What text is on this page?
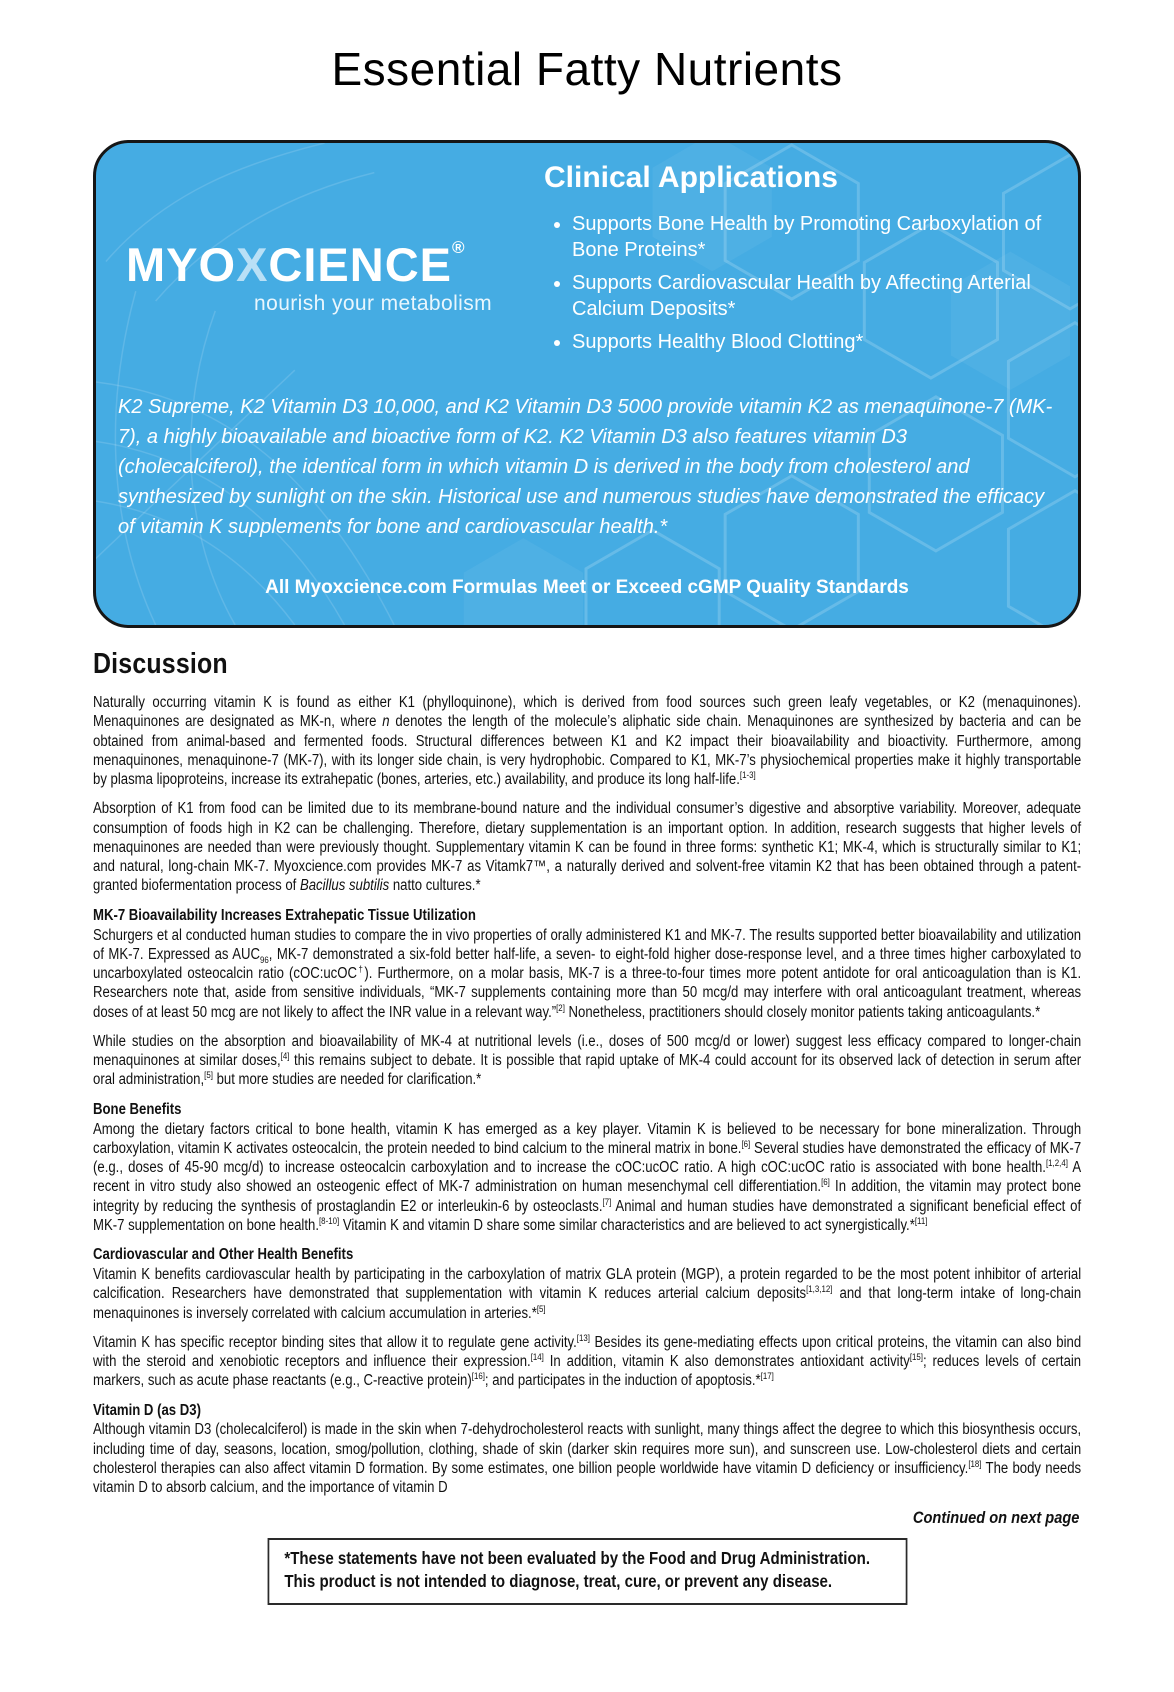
Essential Fatty Nutrients
MYOXCIENCE®
nourish your metabolism
Clinical Applications
• Supports Bone Health by Promoting Carboxylation of Bone Proteins*
• Supports Cardiovascular Health by Affecting Arterial Calcium Deposits*
• Supports Healthy Blood Clotting*

K2 Supreme, K2 Vitamin D3 10,000, and K2 Vitamin D3 5000 provide vitamin K2 as menaquinone-7 (MK-7), a highly bioavailable and bioactive form of K2. K2 Vitamin D3 also features vitamin D3 (cholecalciferol), the identical form in which vitamin D is derived in the body from cholesterol and synthesized by sunlight on the skin. Historical use and numerous studies have demonstrated the efficacy of vitamin K supplements for bone and cardiovascular health.*

All Myoxcience.com Formulas Meet or Exceed cGMP Quality Standards

Discussion

Naturally occurring vitamin K is found as either K1 (phylloquinone), which is derived from food sources such green leafy vegetables, or K2 (menaquinones). Menaquinones are designated as MK-n, where n denotes the length of the molecule’s aliphatic side chain. Menaquinones are synthesized by bacteria and can be obtained from animal-based and fermented foods. Structural differences between K1 and K2 impact their bioavailability and bioactivity. Furthermore, among menaquinones, menaquinone-7 (MK-7), with its longer side chain, is very hydrophobic. Compared to K1, MK-7’s physiochemical properties make it highly transportable by plasma lipoproteins, increase its extrahepatic (bones, arteries, etc.) availability, and produce its long half-life.[1-3]

Absorption of K1 from food can be limited due to its membrane-bound nature and the individual consumer’s digestive and absorptive variability. Moreover, adequate consumption of foods high in K2 can be challenging. Therefore, dietary supplementation is an important option. In addition, research suggests that higher levels of menaquinones are needed than were previously thought. Supplementary vitamin K can be found in three forms: synthetic K1; MK-4, which is structurally similar to K1; and natural, long-chain MK-7. Myoxcience.com provides MK-7 as Vitamk7™, a naturally derived and solvent-free vitamin K2 that has been obtained through a patent-granted biofermentation process of Bacillus subtilis natto cultures.*

MK-7 Bioavailability Increases Extrahepatic Tissue Utilization

Schurgers et al conducted human studies to compare the in vivo properties of orally administered K1 and MK-7. The results supported better bioavailability and utilization of MK-7. Expressed as $AUC_{96}$, MK-7 demonstrated a six-fold better half-life, a seven- to eight-fold higher dose-response level, and a three times higher carboxylated to uncarboxylated osteocalcin ratio (cOC:ucOC†). Furthermore, on a molar basis, MK-7 is a three-to-four times more potent antidote for oral anticoagulation than is K1. Researchers note that, aside from sensitive individuals, “MK-7 supplements containing more than 50 mcg/d may interfere with oral anticoagulant treatment, whereas doses of at least 50 mcg are not likely to affect the INR value in a relevant way.”[2] Nonetheless, practitioners should closely monitor patients taking anticoagulants.*

While studies on the absorption and bioavailability of MK-4 at nutritional levels (i.e., doses of 500 mcg/d or lower) suggest less efficacy compared to longer-chain menaquinones at similar doses,[4] this remains subject to debate. It is possible that rapid uptake of MK-4 could account for its observed lack of detection in serum after oral administration,[5] but more studies are needed for clarification.*

Bone Benefits

Among the dietary factors critical to bone health, vitamin K has emerged as a key player. Vitamin K is believed to be necessary for bone mineralization. Through carboxylation, vitamin K activates osteocalcin, the protein needed to bind calcium to the mineral matrix in bone.[6] Several studies have demonstrated the efficacy of MK-7 (e.g., doses of 45-90 mcg/d) to increase osteocalcin carboxylation and to increase the cOC:ucOC ratio. A high cOC:ucOC ratio is associated with bone health.[1,2,4] A recent in vitro study also showed an osteogenic effect of MK-7 administration on human mesenchymal cell differentiation.[6] In addition, the vitamin may protect bone integrity by reducing the synthesis of prostaglandin E2 or interleukin-6 by osteoclasts.[7] Animal and human studies have demonstrated a significant beneficial effect of MK-7 supplementation on bone health.[8-10] Vitamin K and vitamin D share some similar characteristics and are believed to act synergistically.*[11]

Cardiovascular and Other Health Benefits

Vitamin K benefits cardiovascular health by participating in the carboxylation of matrix GLA protein (MGP), a protein regarded to be the most potent inhibitor of arterial calcification. Researchers have demonstrated that supplementation with vitamin K reduces arterial calcium deposits[1,3,12] and that long-term intake of long-chain menaquinones is inversely correlated with calcium accumulation in arteries.*[5]

Vitamin K has specific receptor binding sites that allow it to regulate gene activity.[13] Besides its gene-mediating effects upon critical proteins, the vitamin can also bind with the steroid and xenobiotic receptors and influence their expression.[14] In addition, vitamin K also demonstrates antioxidant activity[15]; reduces levels of certain markers, such as acute phase reactants (e.g., C-reactive protein)[16]; and participates in the induction of apoptosis.*[17]

Vitamin D (as D3)

Although vitamin D3 (cholecalciferol) is made in the skin when 7-dehydrocholesterol reacts with sunlight, many things affect the degree to which this biosynthesis occurs, including time of day, seasons, location, smog/pollution, clothing, shade of skin (darker skin requires more sun), and sunscreen use. Low-cholesterol diets and certain cholesterol therapies can also affect vitamin D formation. By some estimates, one billion people worldwide have vitamin D deficiency or insufficiency.[18] The body needs vitamin D to absorb calcium, and the importance of vitamin D

Continued on next page

*These statements have not been evaluated by the Food and Drug Administration.

This product is not intended to diagnose, treat, cure, or prevent any disease.
